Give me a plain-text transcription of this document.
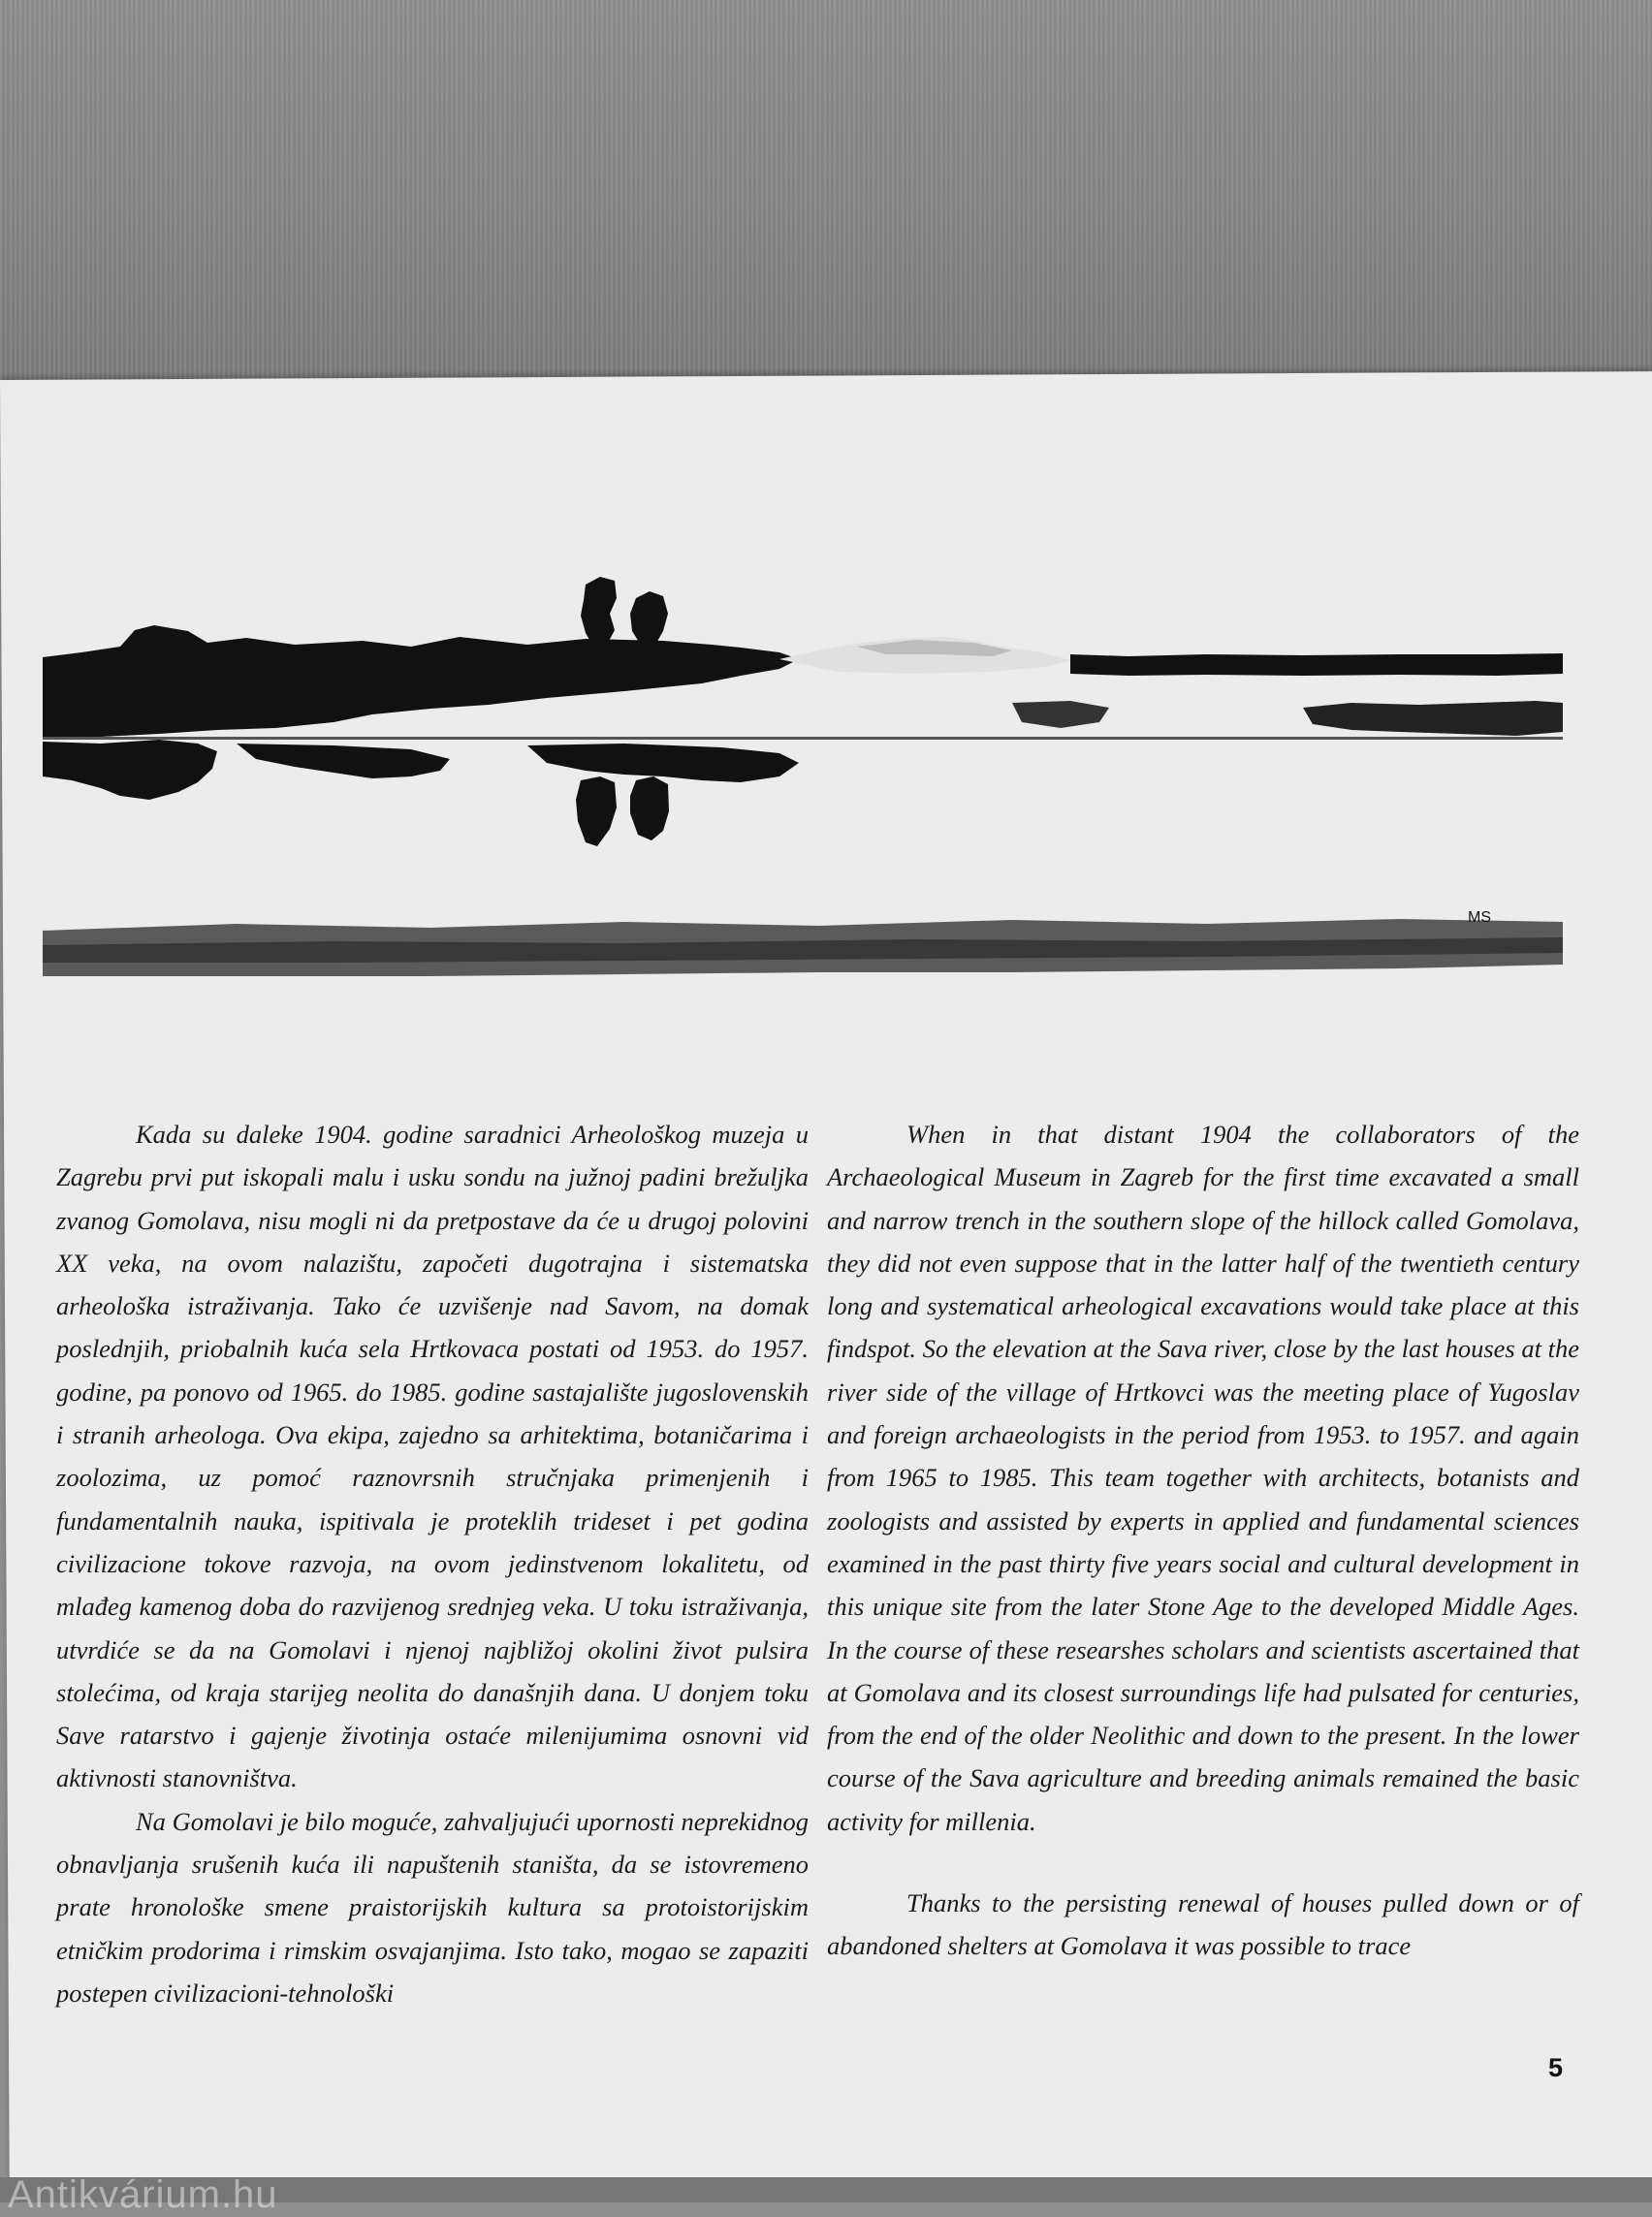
MS

Kada su daleke 1904. godine saradnici Arheološkog muzeja u Zagrebu prvi put iskopali malu i usku sondu na južnoj padini brežuljka zvanog Gomolava, nisu mogli ni da pretpostave da će u drugoj polovini XX veka, na ovom nalazištu, započeti dugotrajna i sistematska arheološka istraživanja. Tako će uzvišenje nad Savom, na domak poslednjih, priobalnih kuća sela Hrtkovaca postati od 1953. do 1957. godine, pa ponovo od 1965. do 1985. godine sastajalište jugoslovenskih i stranih arheologa. Ova ekipa, zajedno sa arhitektima, botaničarima i zoolozima, uz pomoć raznovrsnih stručnjaka primenjenih i fundamentalnih nauka, ispitivala je proteklih trideset i pet godina civilizacione tokove razvoja, na ovom jedinstvenom lokalitetu, od mlađeg kamenog doba do razvijenog srednjeg veka. U toku istraživanja, utvrdiće se da na Gomolavi i njenoj najbližoj okolini život pulsira stolećima, od kraja starijeg neolita do današnjih dana. U donjem toku Save ratarstvo i gajenje životinja ostaće milenijumima osnovni vid aktivnosti stanovništva.

Na Gomolavi je bilo moguće, zahvaljujući upornosti neprekidnog obnavljanja srušenih kuća ili napuštenih staništa, da se istovremeno prate hronološke smene praistorijskih kultura sa protoistorijskim etničkim prodorima i rimskim osvajanjima. Isto tako, mogao se zapaziti postepen civilizacioni-tehnološki

When in that distant 1904 the collaborators of the Archaeological Museum in Zagreb for the first time excavated a small and narrow trench in the southern slope of the hillock called Gomolava, they did not even suppose that in the latter half of the twentieth century long and systematical arheological excavations would take place at this findspot. So the elevation at the Sava river, close by the last houses at the river side of the village of Hrtkovci was the meeting place of Yugoslav and foreign archaeologists in the period from 1953. to 1957. and again from 1965 to 1985. This team together with architects, botanists and zoologists and assisted by experts in applied and fundamental sciences examined in the past thirty five years social and cultural development in this unique site from the later Stone Age to the developed Middle Ages. In the course of these researshes scholars and scientists ascertained that at Gomolava and its closest surroundings life had pulsated for centuries, from the end of the older Neolithic and down to the present. In the lower course of the Sava agriculture and breeding animals remained the basic activity for millenia.

Thanks to the persisting renewal of houses pulled down or of abandoned shelters at Gomolava it was possible to trace

5
Antikvárium.hu
